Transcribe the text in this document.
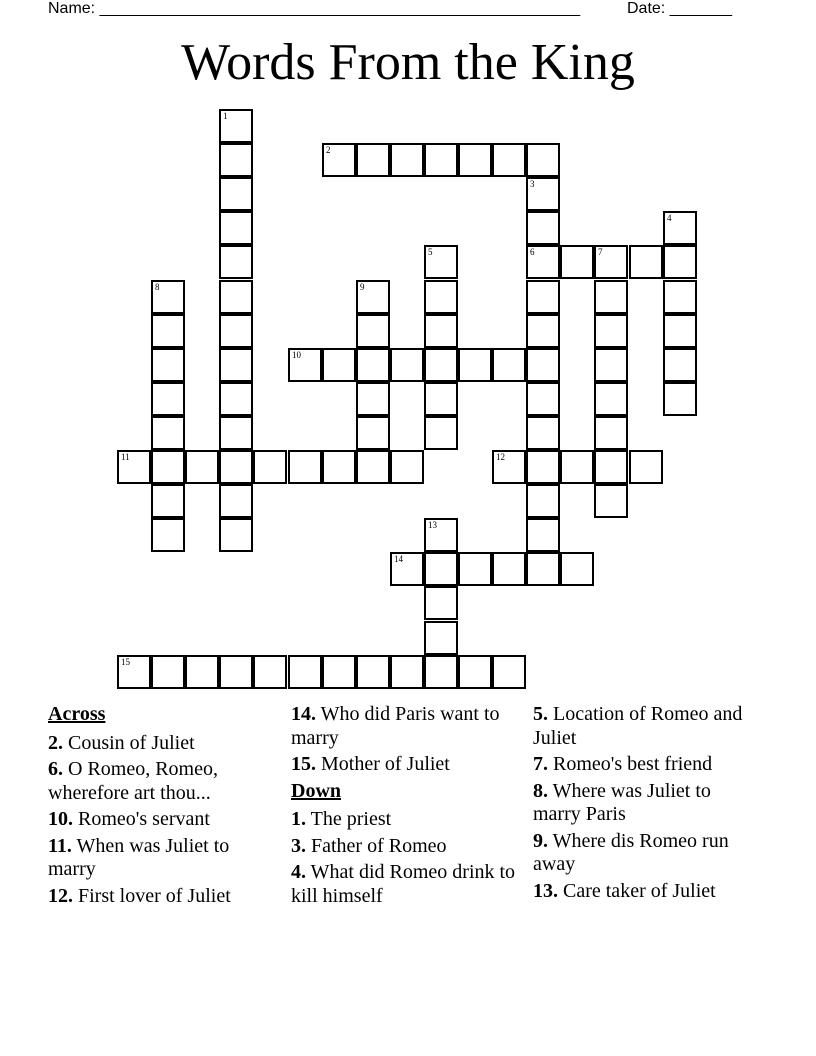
Name: ______________________________________________________	Date: _______
Words From the King
1
2
3
4
5	6	7
8	9
10
11	12
13
14
15
Across
2. Cousin of Juliet
6. O Romeo, Romeo, wherefore art thou...
10. Romeo's servant
11. When was Juliet to marry
12. First lover of Juliet
14. Who did Paris want to marry
15. Mother of Juliet
Down
1. The priest
3. Father of Romeo
4. What did Romeo drink to kill himself
5. Location of Romeo and Juliet
7. Romeo's best friend
8. Where was Juliet to marry Paris
9. Where dis Romeo run away
13. Care taker of Juliet
